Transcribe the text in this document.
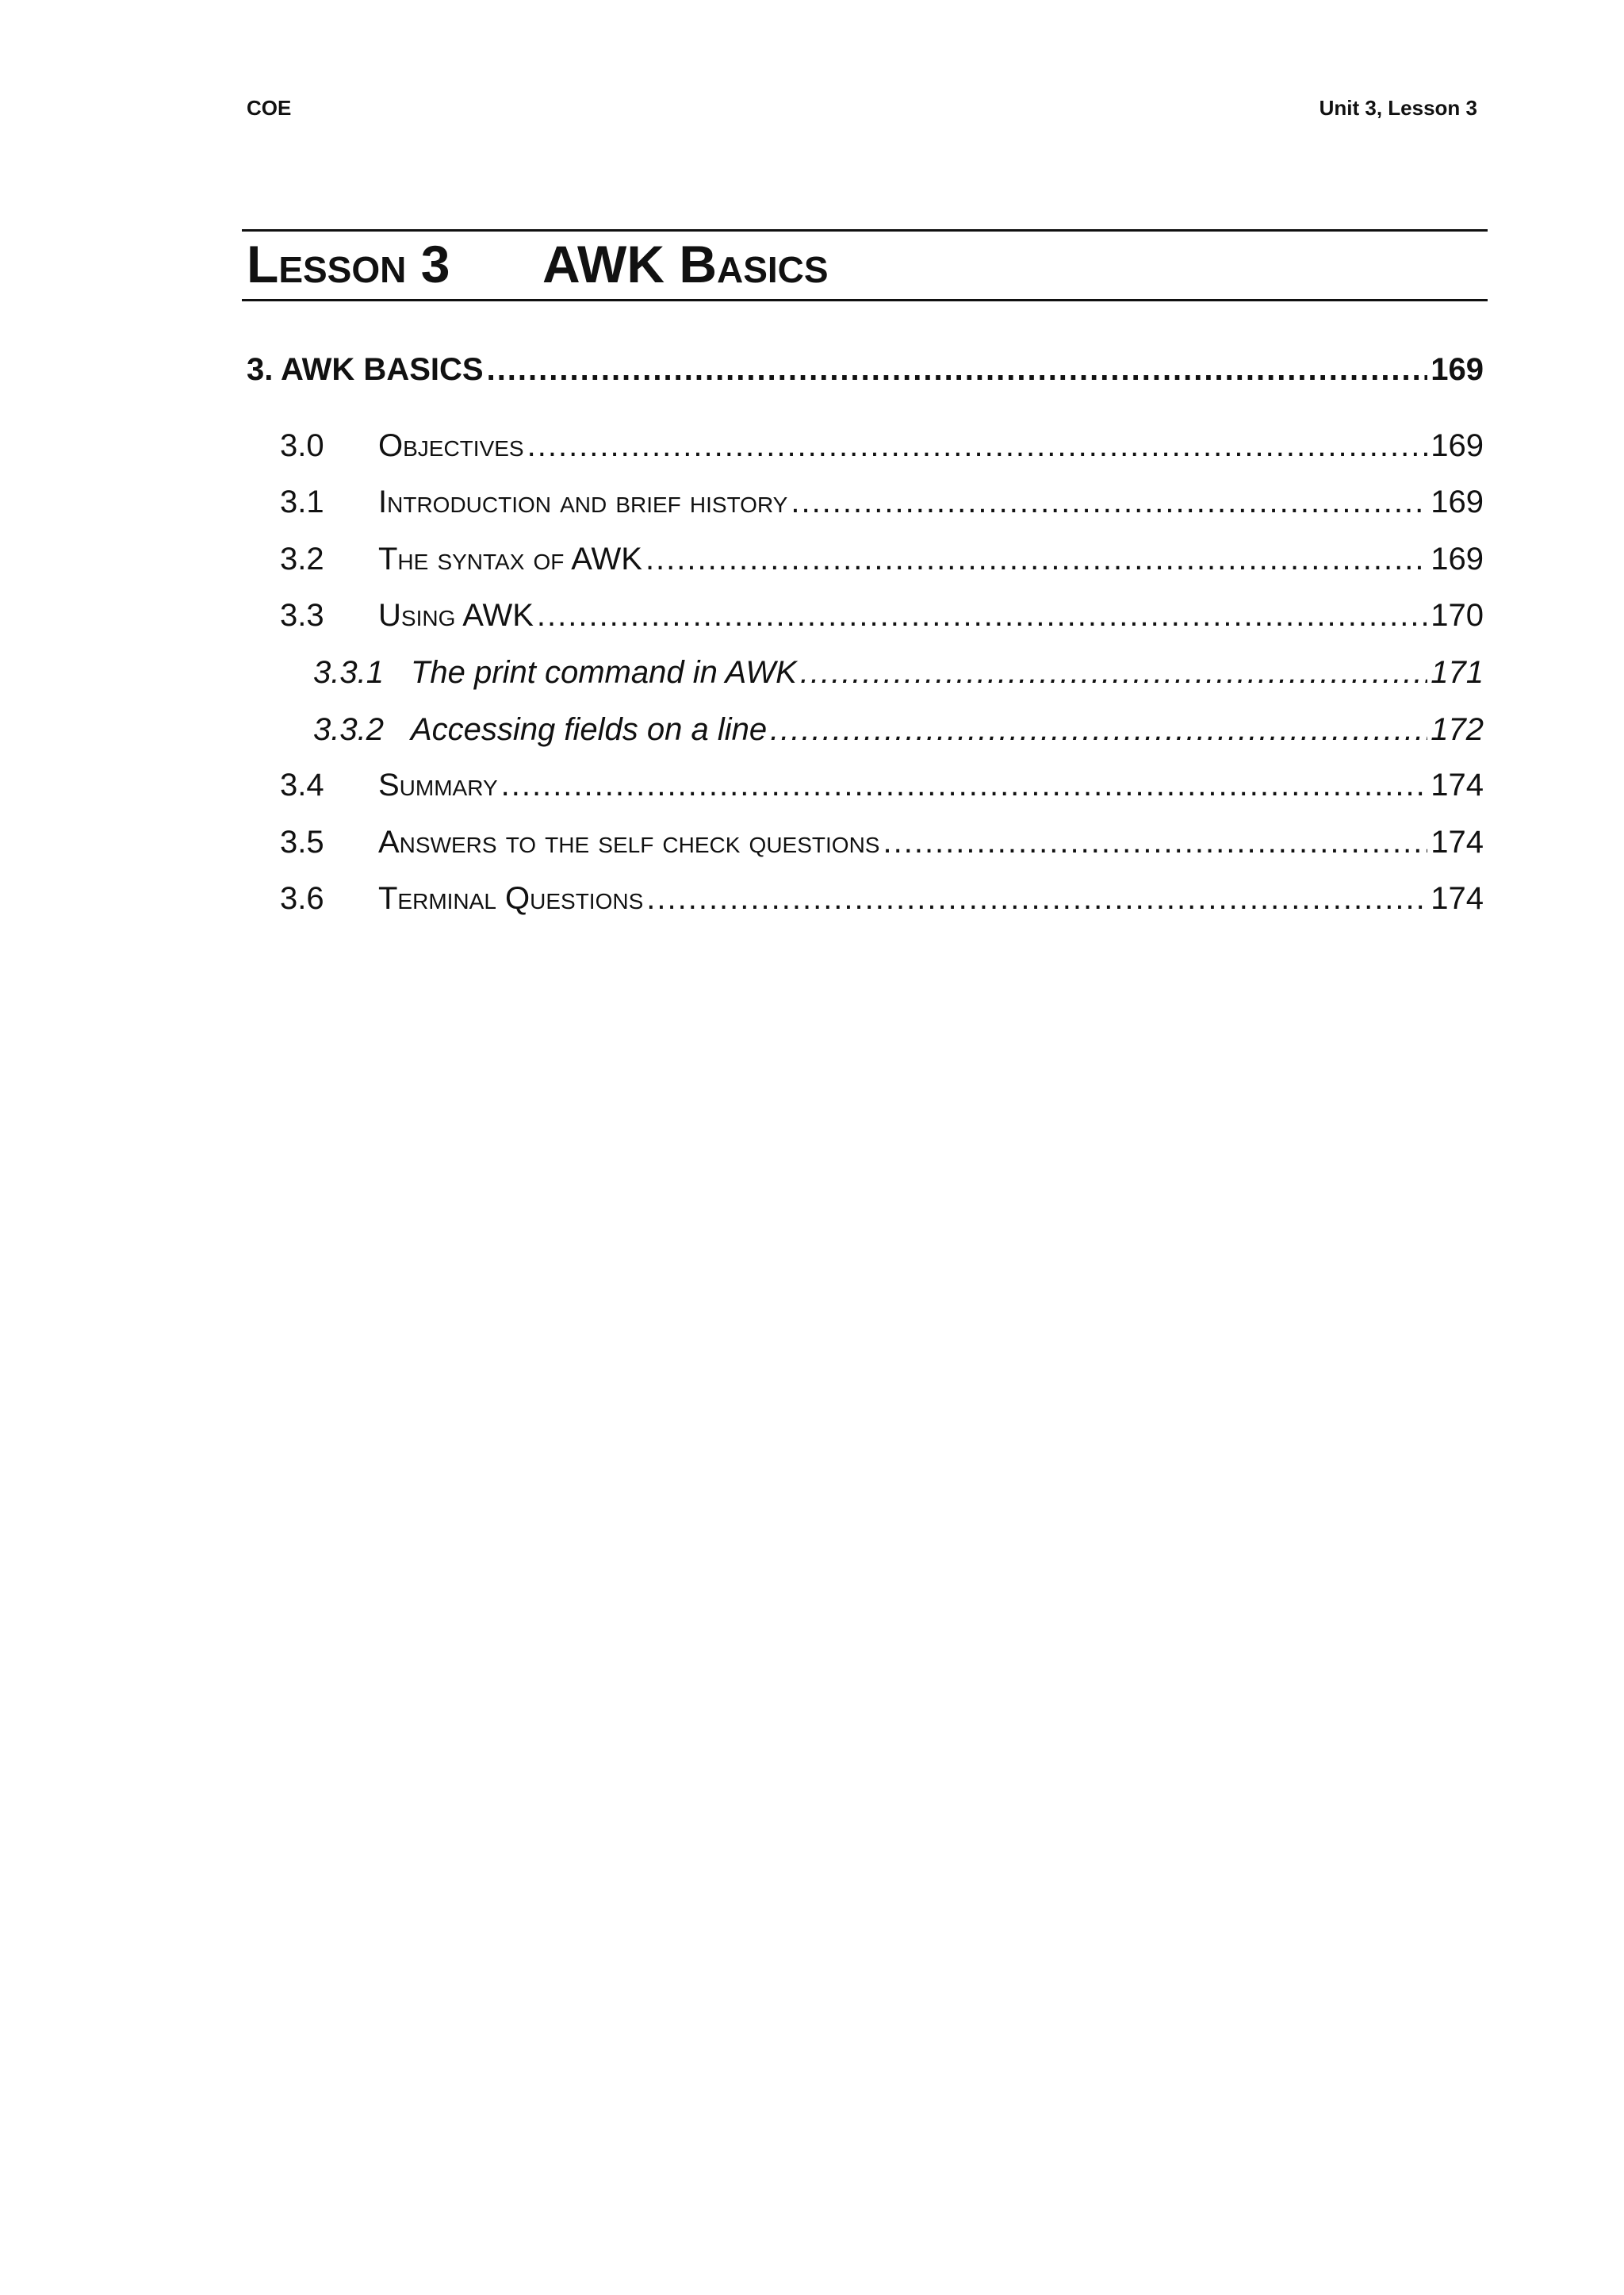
COE	Unit 3, Lesson 3
Lesson 3 AWK Basics
3. AWK BASICS .....	169
3.0 Objectives .....	169
3.1 Introduction and brief history .....	169
3.2 The syntax of AWK .....	169
3.3 Using AWK .....	170
3.3.1 The print command in AWK .....	171
3.3.2 Accessing fields on a line .....	172
3.4 Summary .....	174
3.5 Answers to the self check questions .....	174
3.6 Terminal Questions .....	174
